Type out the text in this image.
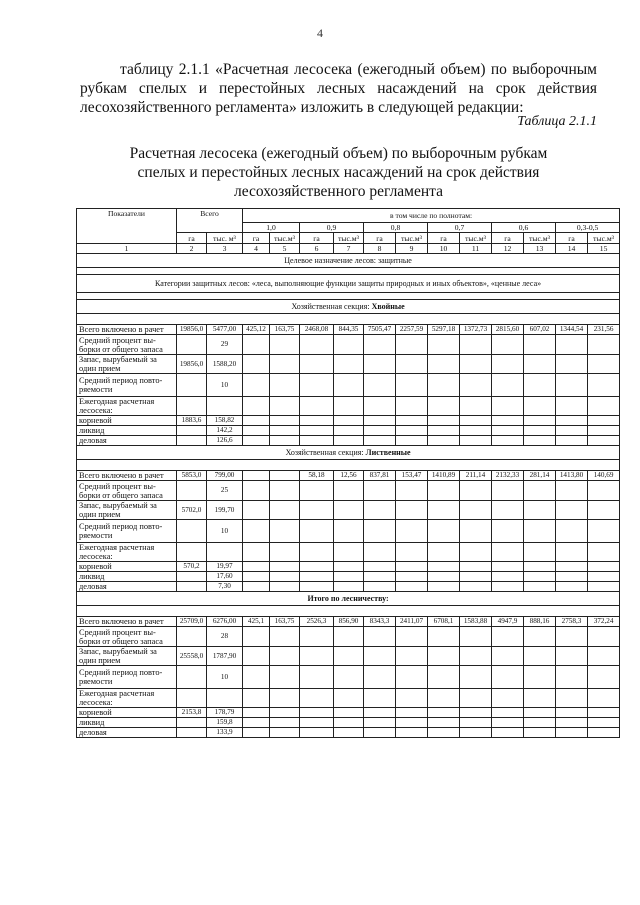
4
таблицу 2.1.1 «Расчетная лесосека (ежегодный объем) по выборочным рубкам спелых и перестойных лесных насаждений на срок действия лесохозяйственного регламента» изложить в следующей редакции:
Таблица 2.1.1
Расчетная лесосека (ежегодный объем) по выборочным рубкам
спелых и перестойных лесных насаждений на срок действия
лесохозяйственного регламента
Показатели	Всего		в том числе по полнотам:											
			1,0		0,9		0,8		0,7		0,6		0,3-0,5	
	га	тыс. м³	га	тыс.м³	га	тыс.м³	га	тыс.м³	га	тыс.м³	га	тыс.м³	га	тыс.м³
1	2	3	4	5	6	7	8	9	10	11	12	13	14	15
Целевое назначение лесов: защитные														

Категории защитных лесов: «леса, выполняющие функции защиты природных и иных объектов», «ценные леса»														

Хозяйственная секция: Хвойные														

Всего включено в рачет	19856,0	5477,00	425,12	163,75	2468,08	844,35	7505,47	2257,59	5297,18	1372,73	2815,60	607,02	1344,54	231,56

Средний процент вы-
борки от общего запаса		29												

Запас, вырубаемый за
один прием	19856,0	1588,20												

Средний период повто-
ряемости		10												

Ежегодная расчетная
лесосека:														

корневой	1883,6	158,82												
ликвид		142,2												
деловая		126,6												
Хозяйственная секция: Лиственные														

Всего включено в рачет	5853,0	799,00			58,18	12,56	837,81	153,47	1410,89	211,14	2132,33	281,14	1413,80	140,69

Средний процент вы-
борки от общего запаса		25												

Запас, вырубаемый за
один прием	5702,0	199,70												

Средний период повто-
ряемости		10												

Ежегодная расчетная
лесосека:														

корневой	570,2	19,97												
ликвид		17,60												
деловая		7,30												
Итого по лесничеству:														

Всего включено в рачет	25709,0	6276,00	425,1	163,75	2526,3	856,90	8343,3	2411,07	6708,1	1583,88	4947,9	888,16	2758,3	372,24

Средний процент вы-
борки от общего запаса		28												

Запас, вырубаемый за
один прием	25558,0	1787,90												

Средний период повто-
ряемости		10												

Ежегодная расчетная
лесосека:														

корневой	2153,8	178,79												
ликвид		159,8												
деловая		133,9												
